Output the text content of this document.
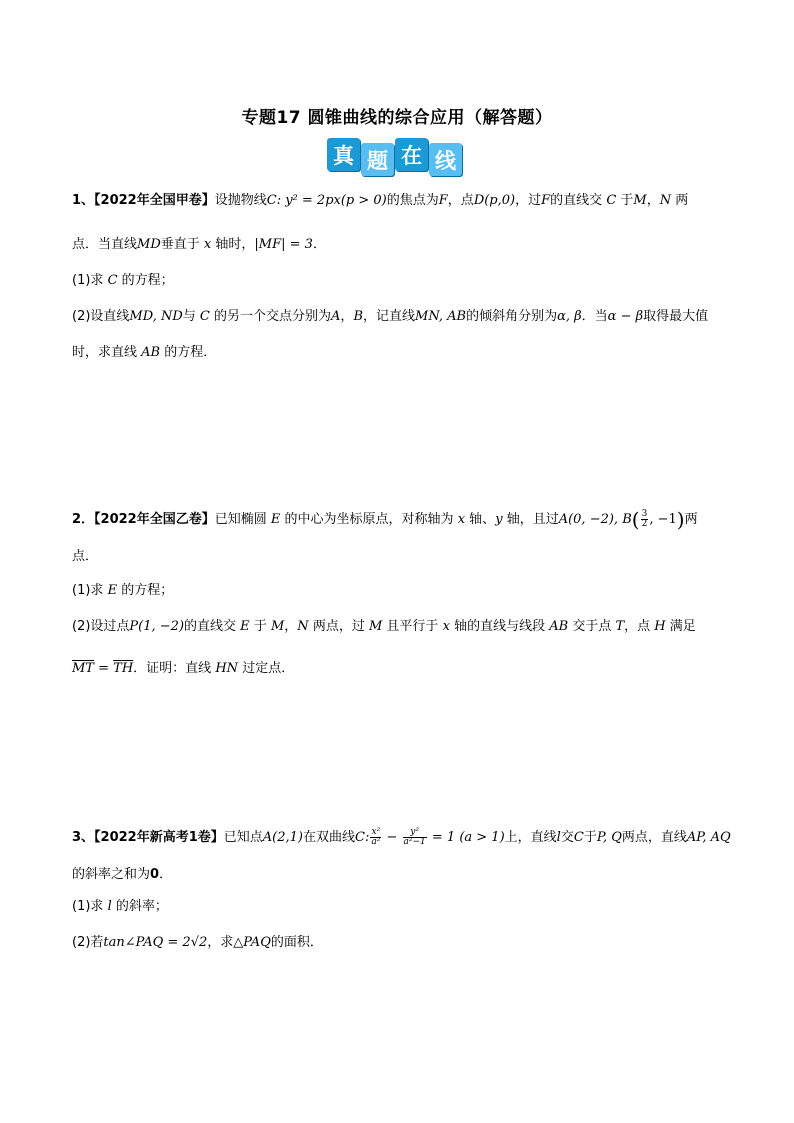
专题17 圆锥曲线的综合应用（解答题）
真 题 在 线
1、【2022年全国甲卷】设抛物线C: y² = 2px(p > 0)的焦点为F，点D(p,0)，过F的直线交 C 于M，N 两
点．当直线MD垂直于 x 轴时，|MF| = 3．
(1)求 C 的方程；
(2)设直线MD, ND与 C 的另一个交点分别为A，B，记直线MN, AB的倾斜角分别为α, β．当α − β取得最大值
时，求直线 AB 的方程．
2．【2022年全国乙卷】已知椭圆 E 的中心为坐标原点，对称轴为 x 轴、y 轴，且过A(0, −2), $B( \frac{3}{2}$ , −1)两
点．
(1)求 E 的方程；
(2)设过点P(1, −2)的直线交 E 于 M，N 两点，过 M 且平行于 x 轴的直线与线段 AB 交于点 T，点 H 满足
$\overline{MT} = \overline{TH}$．证明：直线 HN 过定点．
3、【2022年新高考1卷】已知点A(2,1)在双曲线C: $\frac{\text{x²}}{\text{a²}} - \frac{\text{y²}}{\text{a²−1}} = 1$ (a > 1)上，直线l交C于P, Q两点，直线AP, AQ
的斜率之和为0．
(1)求 l 的斜率；
(2)若tan∠PAQ = 2√2，求△PAQ的面积．
